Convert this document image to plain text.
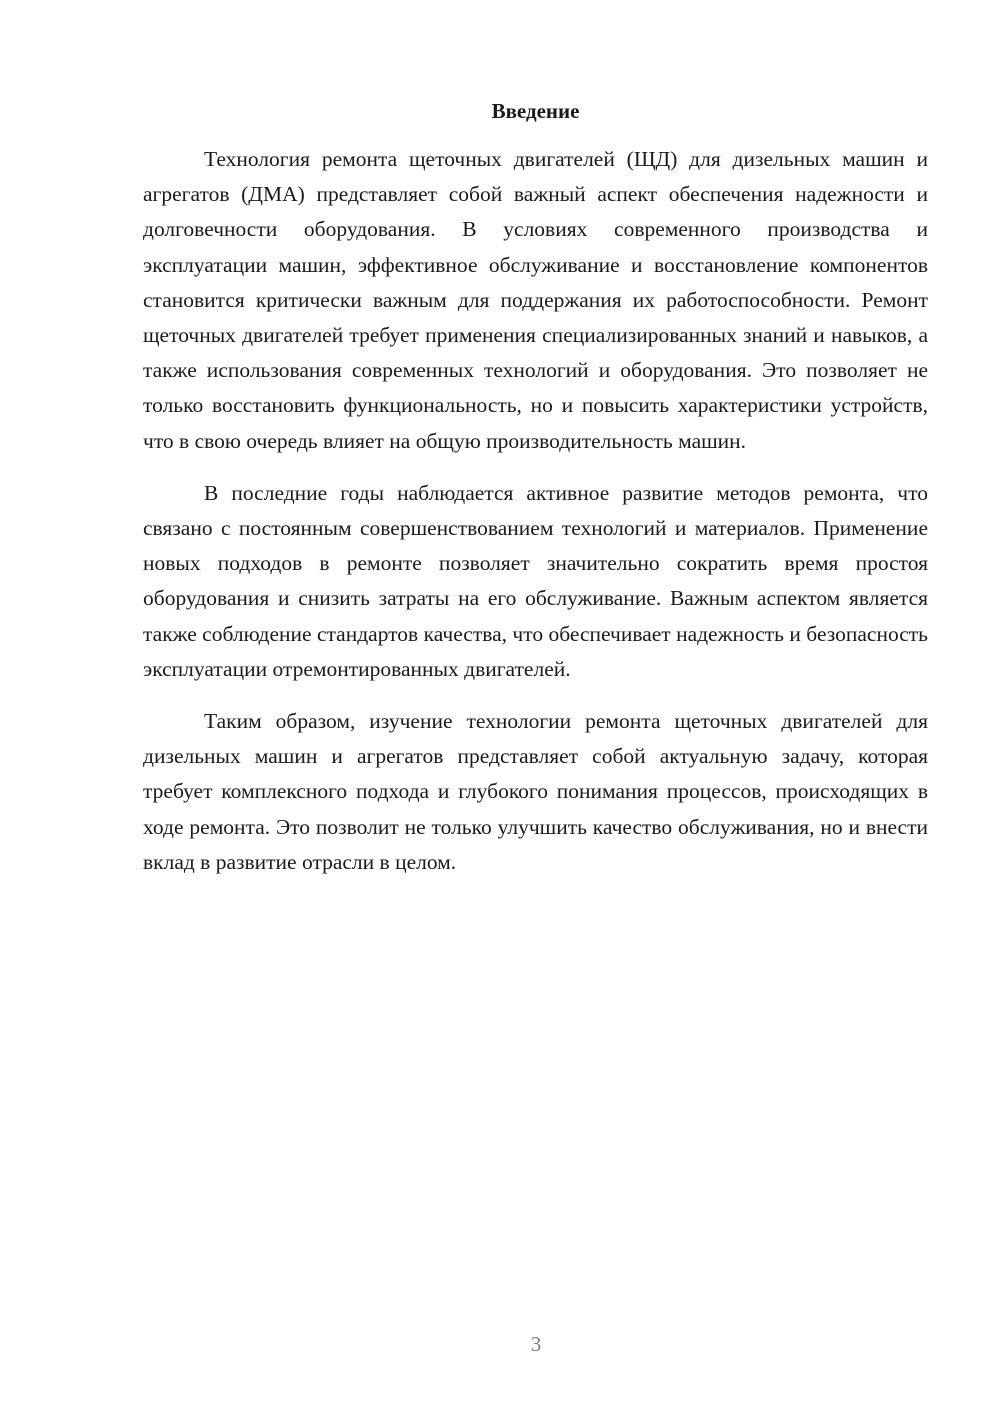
Введение

Технология ремонта щеточных двигателей (ЩД) для дизельных машин и агрегатов (ДМА) представляет собой важный аспект обеспечения надежности и долговечности оборудования. В условиях современного производства и эксплуатации машин, эффективное обслуживание и восстановление компонентов становится критически важным для поддержания их работоспособности. Ремонт щеточных двигателей требует применения специализированных знаний и навыков, а также использования современных технологий и оборудования. Это позволяет не только восстановить функциональность, но и повысить характеристики устройств, что в свою очередь влияет на общую производительность машин.

В последние годы наблюдается активное развитие методов ремонта, что связано с постоянным совершенствованием технологий и материалов. Применение новых подходов в ремонте позволяет значительно сократить время простоя оборудования и снизить затраты на его обслуживание. Важным аспектом является также соблюдение стандартов качества, что обеспечивает надежность и безопасность эксплуатации отремонтированных двигателей.

Таким образом, изучение технологии ремонта щеточных двигателей для дизельных машин и агрегатов представляет собой актуальную задачу, которая требует комплексного подхода и глубокого понимания процессов, происходящих в ходе ремонта. Это позволит не только улучшить качество обслуживания, но и внести вклад в развитие отрасли в целом.

3
